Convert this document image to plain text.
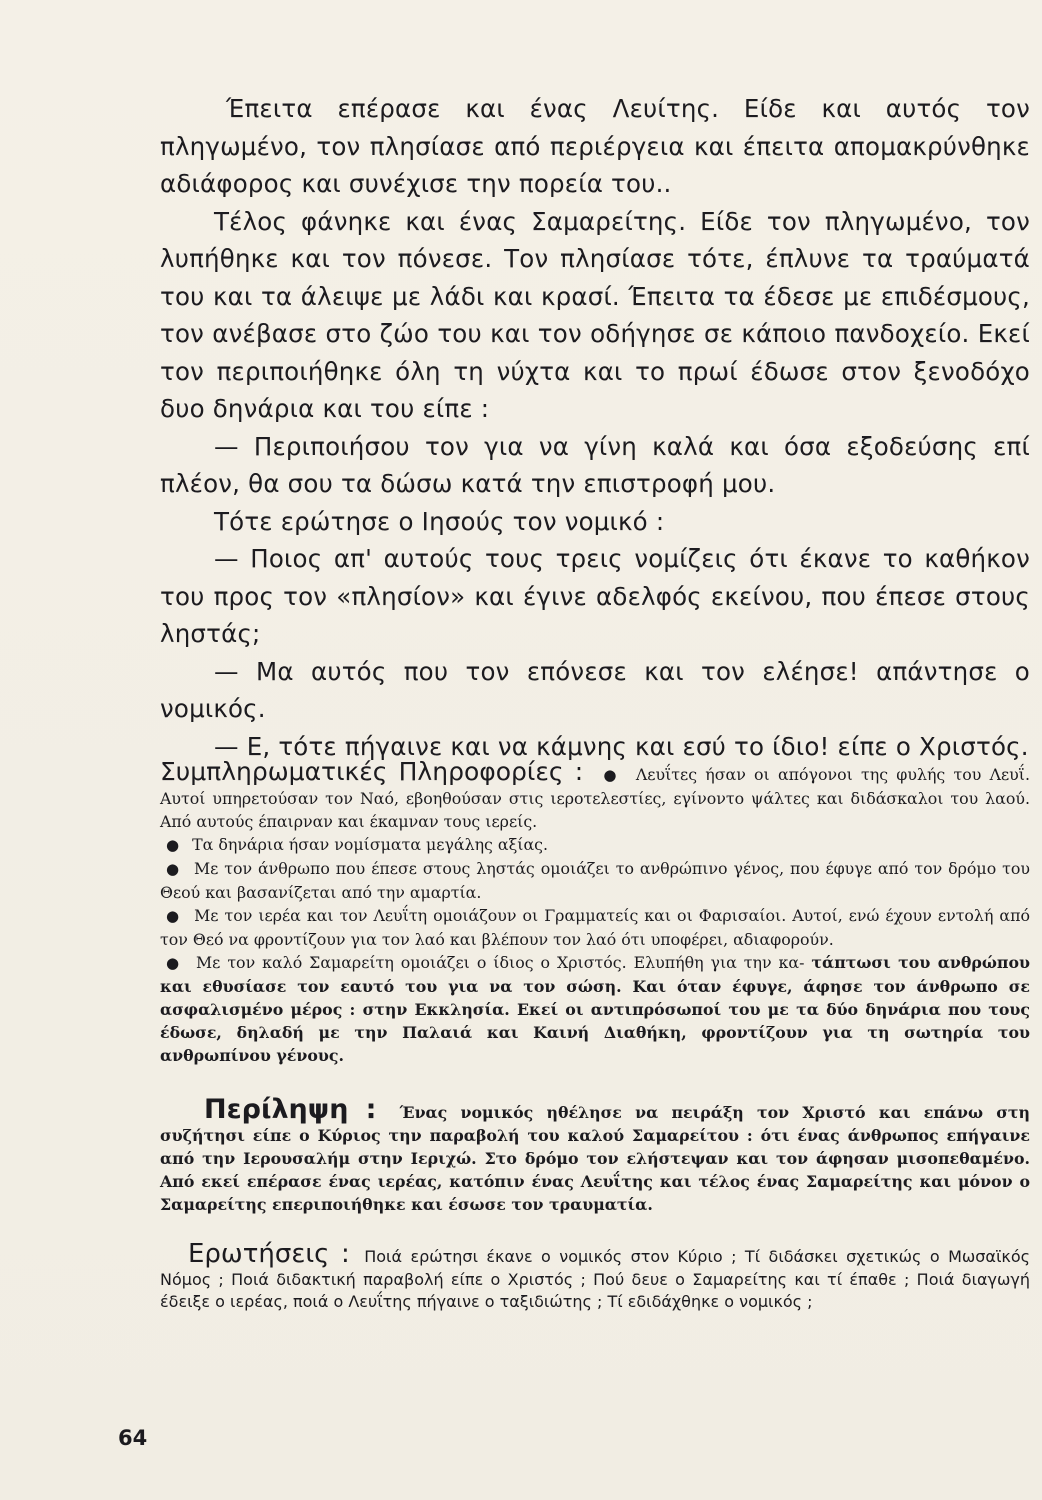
Έπειτα επέρασε και ένας Λευίτης. Είδε και αυτός τον πληγωμένο, τον πλησίασε από περιέργεια και έπειτα απομακρύνθηκε αδιάφορος και συνέχισε την πορεία του..

Τέλος φάνηκε και ένας Σαμαρείτης. Είδε τον πληγωμένο, τον λυπήθηκε και τον πόνεσε. Τον πλησίασε τότε, έπλυνε τα τραύματά του και τα άλειψε με λάδι και κρασί. Έπειτα τα έδεσε με επιδέσμους, τον ανέβασε στο ζώο του και τον οδήγησε σε κάποιο πανδοχείο. Εκεί τον περιποιήθηκε όλη τη νύχτα και το πρωί έδωσε στον ξενοδόχο δυο δηνάρια και του είπε :

— Περιποιήσου τον για να γίνη καλά και όσα εξοδεύσης επί πλέον, θα σου τα δώσω κατά την επιστροφή μου.

Τότε ερώτησε ο Ιησούς τον νομικό :

— Ποιος απ' αυτούς τους τρεις νομίζεις ότι έκανε το καθήκον του προς τον «πλησίον» και έγινε αδελφός εκείνου, που έπεσε στους ληστάς;

— Μα αυτός που τον επόνεσε και τον ελέησε! απάντησε ο νομικός.

— Ε, τότε πήγαινε και να κάμνης και εσύ το ίδιο! είπε ο Χριστός.

Συμπληρωματικές Πληροφορίες : ● Λευΐτες ήσαν οι απόγονοι της φυλής του Λευΐ. Αυτοί υπηρετούσαν τον Ναό, εβοηθούσαν στις ιεροτελεστίες, εγίνοντο ψάλτες και διδάσκαλοι του λαού. Από αυτούς έπαιρναν και έκαμναν τους ιερείς.

● Τα δηνάρια ήσαν νομίσματα μεγάλης αξίας.

● Με τον άνθρωπο που έπεσε στους ληστάς ομοιάζει το ανθρώπινο γένος, που έφυγε από τον δρόμο του Θεού και βασανίζεται από την αμαρτία.

● Με τον ιερέα και τον Λευΐτη ομοιάζουν οι Γραμματείς και οι Φαρισαίοι. Αυτοί, ενώ έχουν εντολή από τον Θεό να φροντίζουν για τον λαό και βλέπουν τον λαό ότι υποφέρει, αδιαφορούν.

● Με τον καλό Σαμαρείτη ομοιάζει ο ίδιος ο Χριστός. Ελυπήθη για την κα- τάπτωσι του ανθρώπου και εθυσίασε τον εαυτό του για να τον σώση. Και όταν έφυγε, άφησε τον άνθρωπο σε ασφαλισμένο μέρος : στην Εκκλησία. Εκεί οι αντιπρόσωποί του με τα δύο δηνάρια που τους έδωσε, δηλαδή με την Παλαιά και Καινή Διαθήκη, φροντίζουν για τη σωτηρία του ανθρωπίνου γένους.

Περίληψη : Ένας νομικός ηθέλησε να πειράξη τον Χριστό και επάνω στη συζήτησι είπε ο Κύριος την παραβολή του καλού Σαμαρείτου : ότι ένας άνθρωπος επήγαινε από την Ιερουσαλήμ στην Ιεριχώ. Στο δρόμο τον ελήστεψαν και τον άφησαν μισοπεθαμένο. Από εκεί επέρασε ένας ιερέας, κατόπιν ένας Λευΐτης και τέλος ένας Σαμαρείτης και μόνον ο Σαμαρείτης επεριποιήθηκε και έσωσε τον τραυματία.
Ερωτήσεις : Ποιά ερώτησι έκανε ο νομικός στον Κύριο ; Τί διδάσκει σχετικώς ο Μωσαϊκός Νόμος ; Ποιά διδακτική παραβολή είπε ο Χριστός ; Πού δευε ο Σαμαρείτης και τί έπαθε ; Ποιά διαγωγή έδειξε ο ιερέας, ποιά ο Λευΐτης πήγαινε ο ταξιδιώτης ; Τί εδιδάχθηκε ο νομικός ;
64
